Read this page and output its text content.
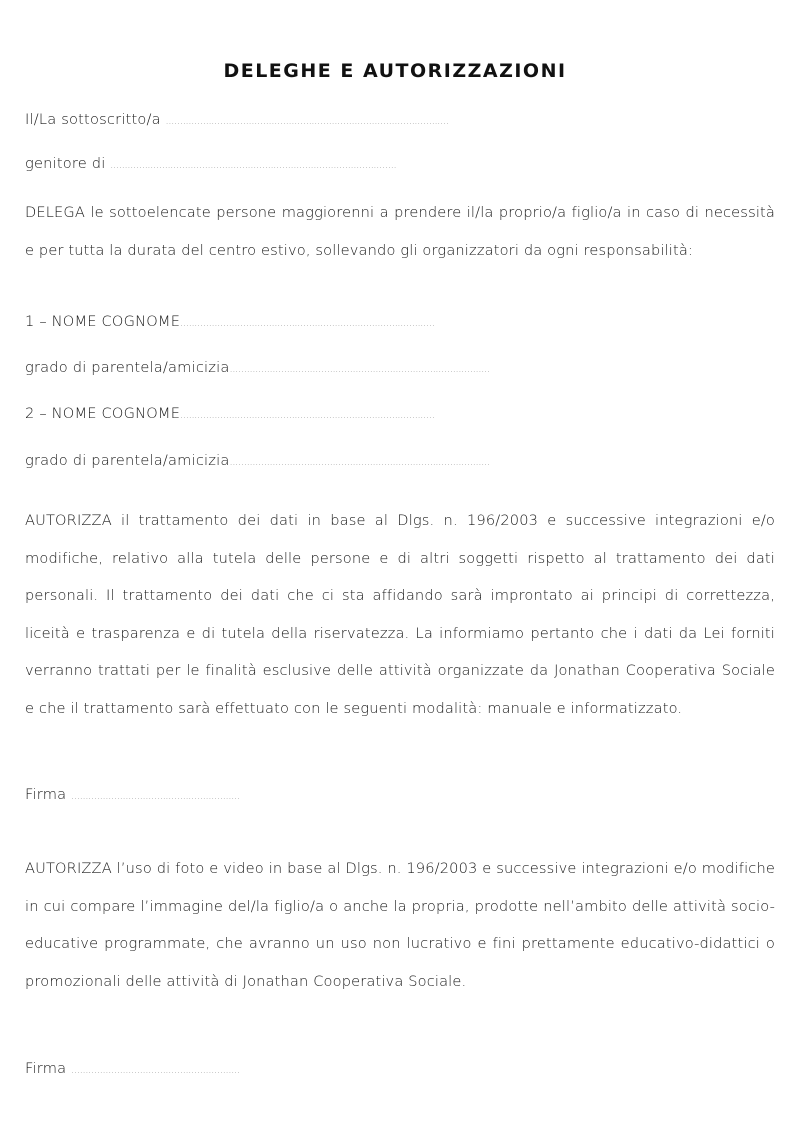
DELEGHE E AUTORIZZAZIONI
Il/La sottoscritto/a ...................................................................................................
genitore di ....................................................................................................
DELEGA le sottoelencate persone maggiorenni a prendere il/la proprio/a figlio/a in caso di necessità e per tutta la durata del centro estivo, sollevando gli organizzatori da ogni responsabilità:
1 – NOME COGNOME.........................................................................................
grado di parentela/amicizia...........................................................................................
2 – NOME COGNOME.........................................................................................
grado di parentela/amicizia...........................................................................................
AUTORIZZA il trattamento dei dati in base al Dlgs. n. 196/2003 e successive integrazioni e/o modifiche, relativo alla tutela delle persone e di altri soggetti rispetto al trattamento dei dati personali. Il trattamento dei dati che ci sta affidando sarà improntato ai principi di correttezza, liceità e trasparenza e di tutela della riservatezza. La informiamo pertanto che i dati da Lei forniti verranno trattati per le finalità esclusive delle attività organizzate da Jonathan Cooperativa Sociale e che il trattamento sarà effettuato con le seguenti modalità: manuale e informatizzato.
Firma ...........................................................
AUTORIZZA l’uso di foto e video in base al Dlgs. n. 196/2003 e successive integrazioni e/o modifiche in cui compare l’immagine del/la figlio/a o anche la propria, prodotte nell’ambito delle attività socio-educative programmate, che avranno un uso non lucrativo e fini prettamente educativo-didattici o promozionali delle attività di Jonathan Cooperativa Sociale.
Firma ...........................................................
